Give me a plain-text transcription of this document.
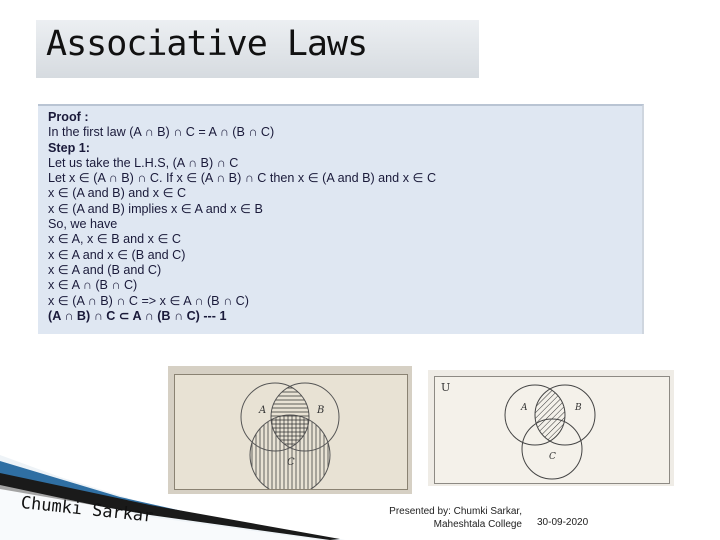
Associative Laws
Proof :
In the first law (A ∩ B) ∩ C = A ∩ (B ∩ C)
Step 1:
Let us take the L.H.S, (A ∩ B) ∩ C
Let x ∈ (A ∩ B) ∩ C. If x ∈ (A ∩ B) ∩ C then x ∈ (A and B) and x ∈ C
x ∈ (A and B) and x ∈ C
x ∈ (A and B) implies x ∈ A and x ∈ B
So, we have
x ∈ A, x ∈ B and x ∈ C
x ∈ A and x ∈ (B and C)
x ∈ A and (B and C)
x ∈ A ∩ (B ∩ C)
x ∈ (A ∩ B) ∩ C => x ∈ A ∩ (B ∩ C)
(A ∩ B) ∩ C ⊂ A ∩ (B ∩ C) --- 1
A	B
C
U
A	B
C
Chumki Sarkar	Presented by: Chumki Sarkar,
Maheshtala College 30-09-2020
